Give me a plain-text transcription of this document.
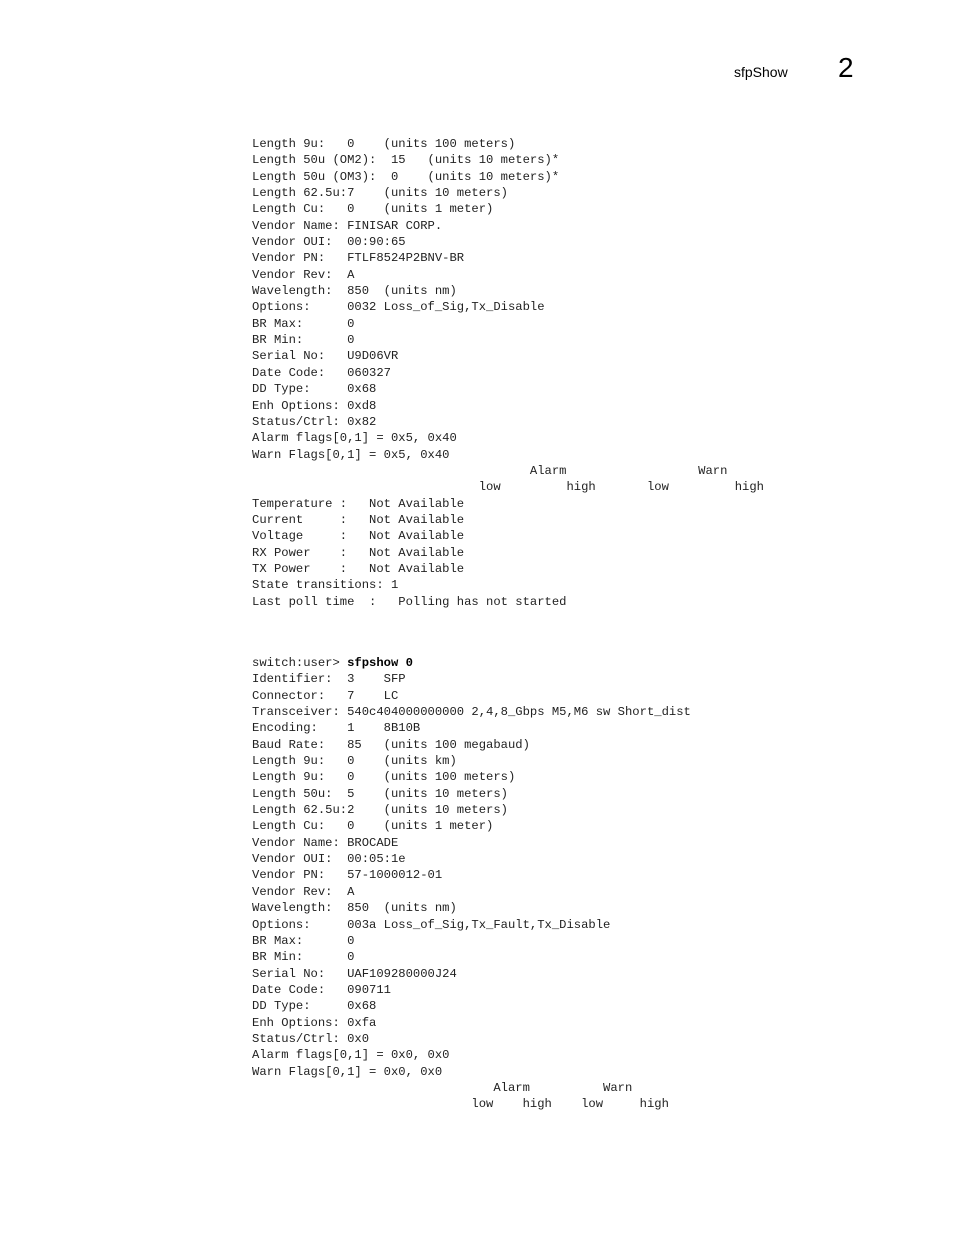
sfpShow 2
Length 9u:   0    (units 100 meters)
Length 50u (OM2):  15   (units 10 meters)*
Length 50u (OM3):  0    (units 10 meters)*
Length 62.5u:7    (units 10 meters)
Length Cu:   0    (units 1 meter)
Vendor Name: FINISAR CORP.
Vendor OUI:  00:90:65
Vendor PN:   FTLF8524P2BNV-BR
Vendor Rev:  A
Wavelength:  850  (units nm)
Options:     0032 Loss_of_Sig,Tx_Disable
BR Max:      0
BR Min:      0
Serial No:   U9D06VR
Date Code:   060327
DD Type:     0x68
Enh Options: 0xd8
Status/Ctrl: 0x82
Alarm flags[0,1] = 0x5, 0x40
Warn Flags[0,1] = 0x5, 0x40
Alarm                  Warn
low         high       low         high
Temperature :   Not Available
Current     :   Not Available
Voltage     :   Not Available
RX Power    :   Not Available
TX Power    :   Not Available
State transitions: 1
Last poll time  :   Polling has not started
switch:user> sfpshow 0
Identifier:  3    SFP
Connector:   7    LC
Transceiver: 540c404000000000 2,4,8_Gbps M5,M6 sw Short_dist
Encoding:    1    8B10B
Baud Rate:   85   (units 100 megabaud)
Length 9u:   0    (units km)
Length 9u:   0    (units 100 meters)
Length 50u:  5    (units 10 meters)
Length 62.5u:2    (units 10 meters)
Length Cu:   0    (units 1 meter)
Vendor Name: BROCADE
Vendor OUI:  00:05:1e
Vendor PN:   57-1000012-01
Vendor Rev:  A
Wavelength:  850  (units nm)
Options:     003a Loss_of_Sig,Tx_Fault,Tx_Disable
BR Max:      0
BR Min:      0
Serial No:   UAF109280000J24
Date Code:   090711
DD Type:     0x68
Enh Options: 0xfa
Status/Ctrl: 0x0
Alarm flags[0,1] = 0x0, 0x0
Warn Flags[0,1] = 0x0, 0x0
Alarm          Warn
low    high    low     high
